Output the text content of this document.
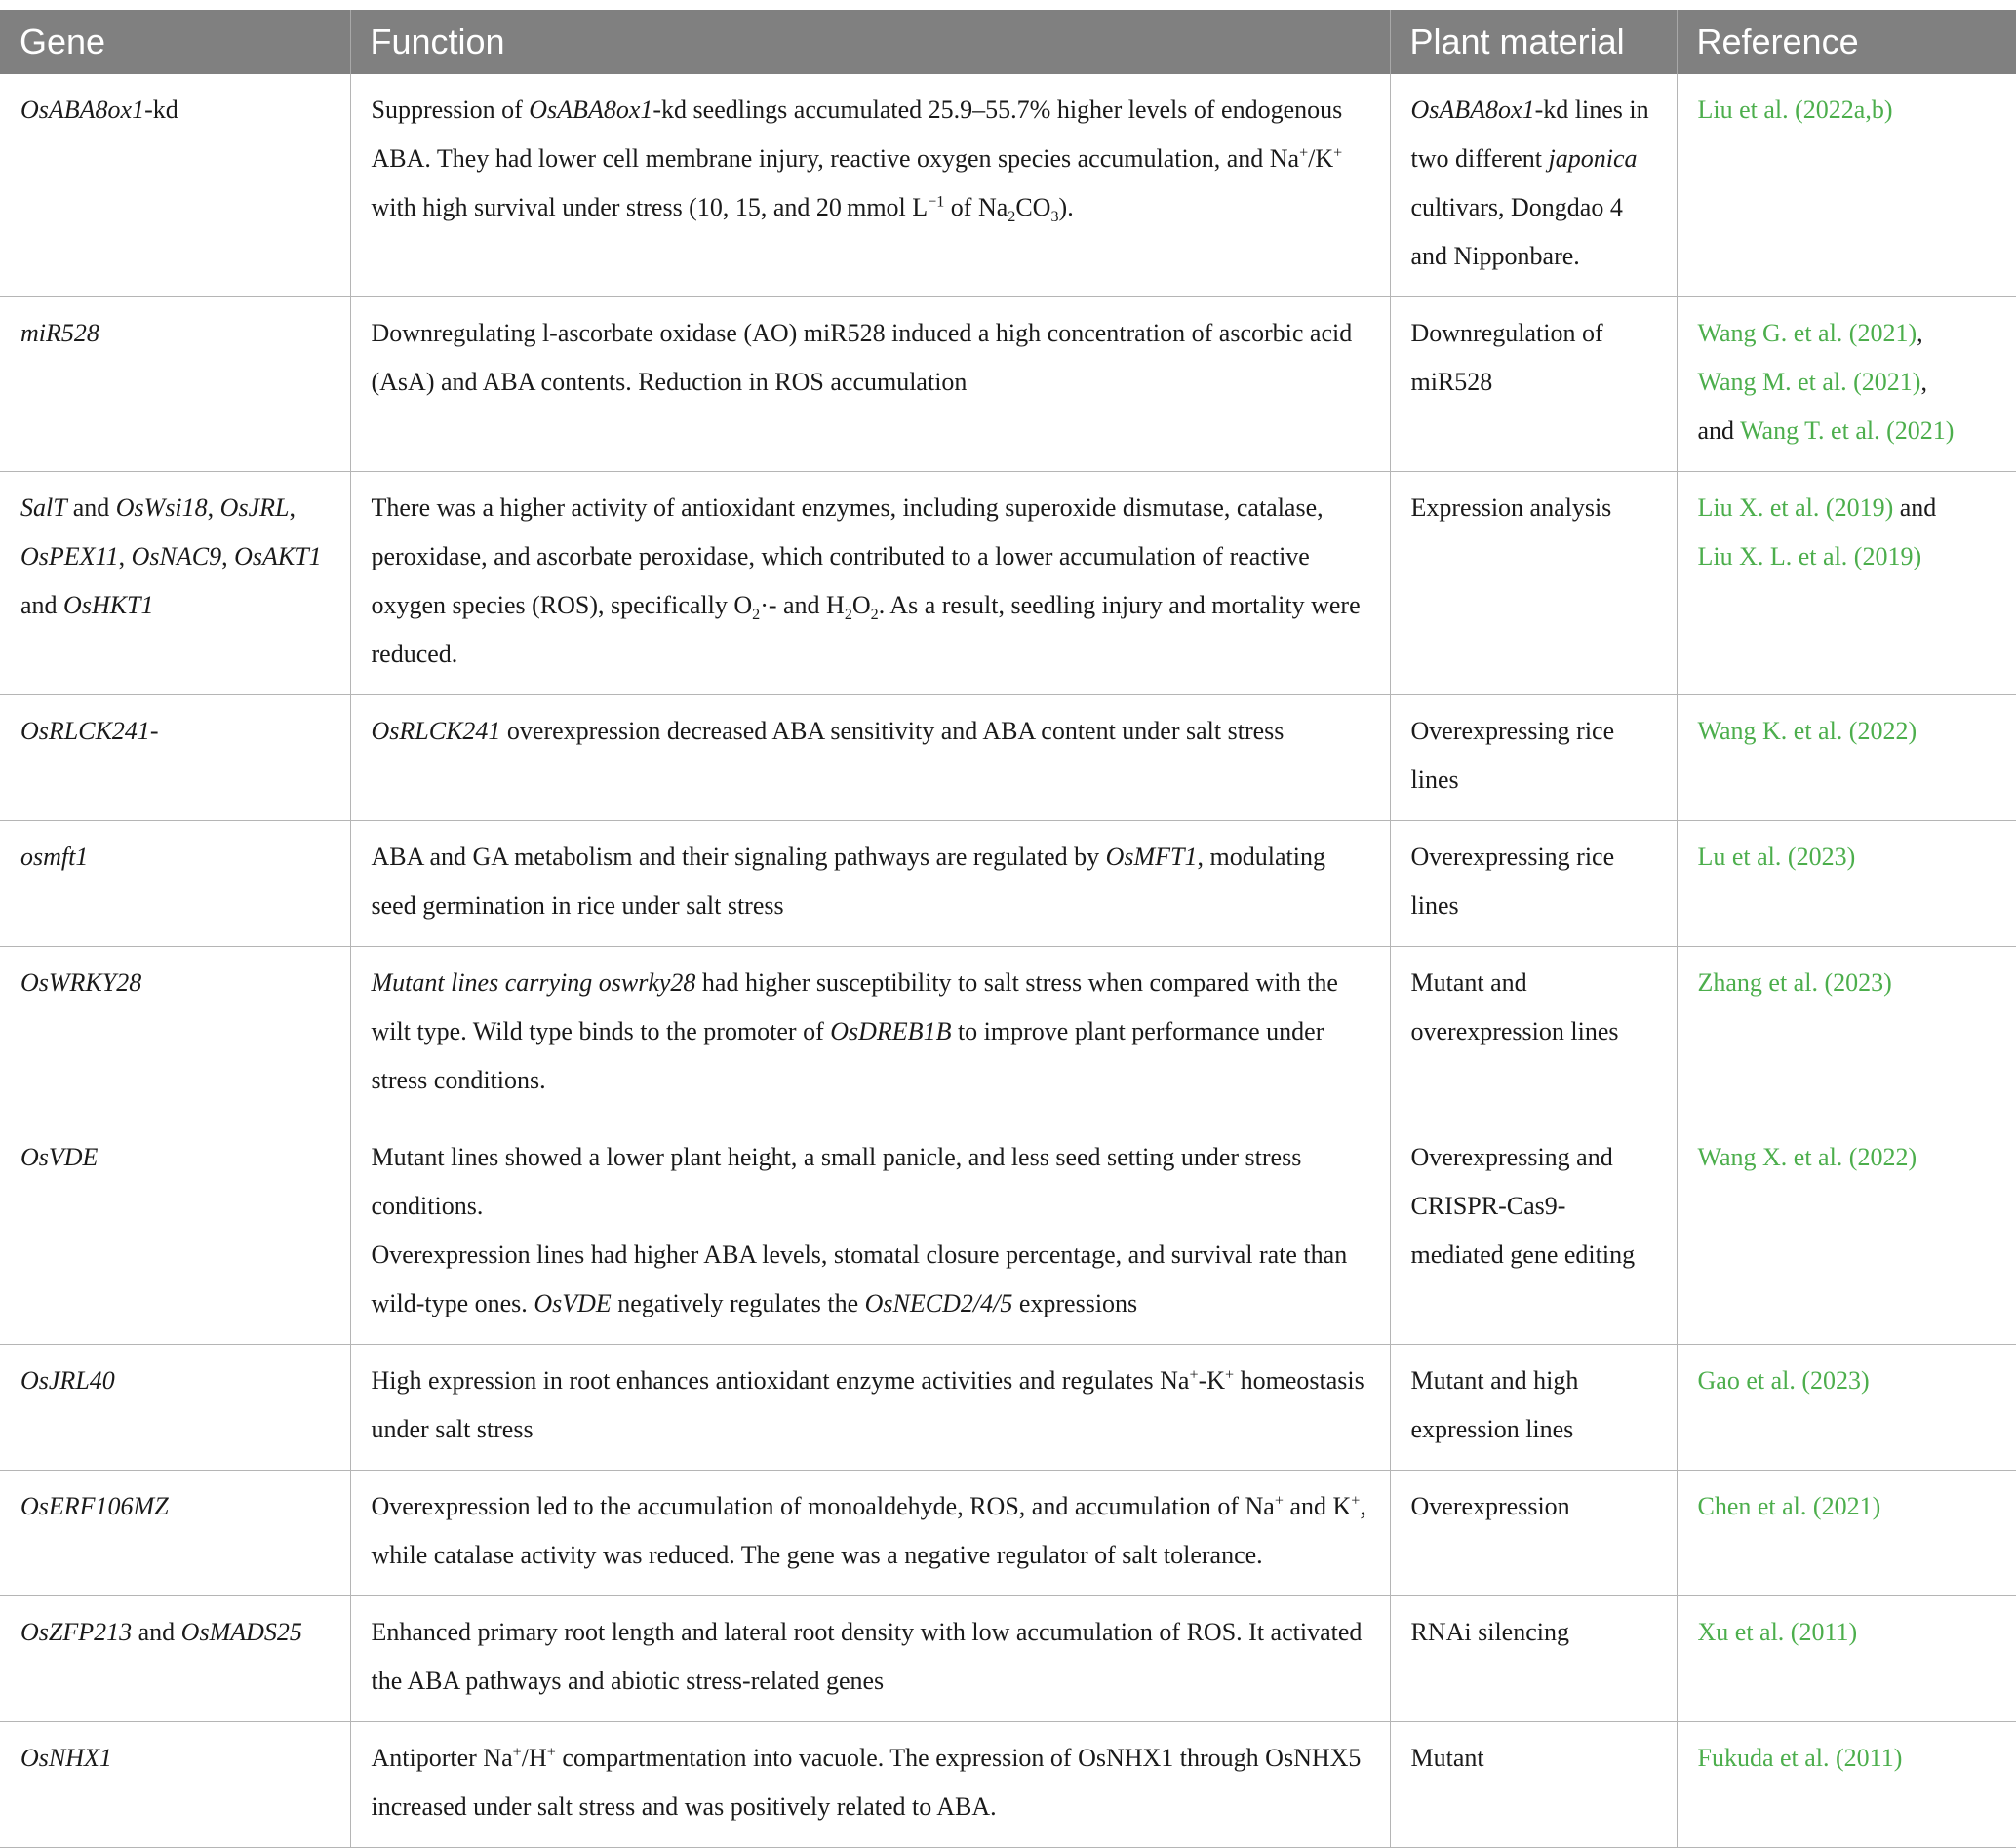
Gene	Function	Plant material	Reference
OsABA8ox1-kd	Suppression of OsABA8ox1-kd seedlings accumulated 25.9–55.7% higher levels of endogenous ABA. They had lower cell membrane injury, reactive oxygen species accumulation, and Na+/K+ with high survival under stress (10, 15, and 20 mmol $L^{-1}$ of $Na_2CO_3$).	OsABA8ox1-kd lines in two different japonica cultivars, Dongdao 4 and Nipponbare.	Liu et al. (2022a,b)
miR528	Downregulating l-ascorbate oxidase (AO) miR528 induced a high concentration of ascorbic acid (AsA) and ABA contents. Reduction in ROS accumulation	Downregulation of miR528	Wang G. et al. (2021),
Wang M. et al. (2021),
and Wang T. et al. (2021)
SalT and OsWsi18, OsJRL, OsPEX11, OsNAC9, OsAKT1 and OsHKT1	There was a higher activity of antioxidant enzymes, including superoxide dismutase, catalase, peroxidase, and ascorbate peroxidase, which contributed to a lower accumulation of reactive oxygen species (ROS), specifically $O_2\cdot-$ and $H_2O_2$. As a result, seedling injury and mortality were reduced.	Expression analysis	Liu X. et al. (2019) and
Liu X. L. et al. (2019)
OsRLCK241-	OsRLCK241 overexpression decreased ABA sensitivity and ABA content under salt stress	Overexpressing rice lines	Wang K. et al. (2022)
osmft1	ABA and GA metabolism and their signaling pathways are regulated by OsMFT1, modulating seed germination in rice under salt stress	Overexpressing rice lines	Lu et al. (2023)
OsWRKY28	Mutant lines carrying oswrky28 had higher susceptibility to salt stress when compared with the wilt type. Wild type binds to the promoter of OsDREB1B to improve plant performance under stress conditions.	Mutant and overexpression lines	Zhang et al. (2023)
OsVDE	Mutant lines showed a lower plant height, a small panicle, and less seed setting under stress conditions.
Overexpression lines had higher ABA levels, stomatal closure percentage, and survival rate than wild-type ones. OsVDE negatively regulates the OsNECD2/4/5 expressions	Overexpressing and CRISPR-Cas9-mediated gene editing	Wang X. et al. (2022)
OsJRL40	High expression in root enhances antioxidant enzyme activities and regulates Na+-K+ homeostasis under salt stress	Mutant and high expression lines	Gao et al. (2023)
OsERF106MZ	Overexpression led to the accumulation of monoaldehyde, ROS, and accumulation of Na+ and K+, while catalase activity was reduced. The gene was a negative regulator of salt tolerance.	Overexpression	Chen et al. (2021)
OsZFP213 and OsMADS25	Enhanced primary root length and lateral root density with low accumulation of ROS. It activated the ABA pathways and abiotic stress-related genes	RNAi silencing	Xu et al. (2011)
OsNHX1	Antiporter Na+/H+ compartmentation into vacuole. The expression of OsNHX1 through OsNHX5 increased under salt stress and was positively related to ABA.	Mutant	Fukuda et al. (2011)
